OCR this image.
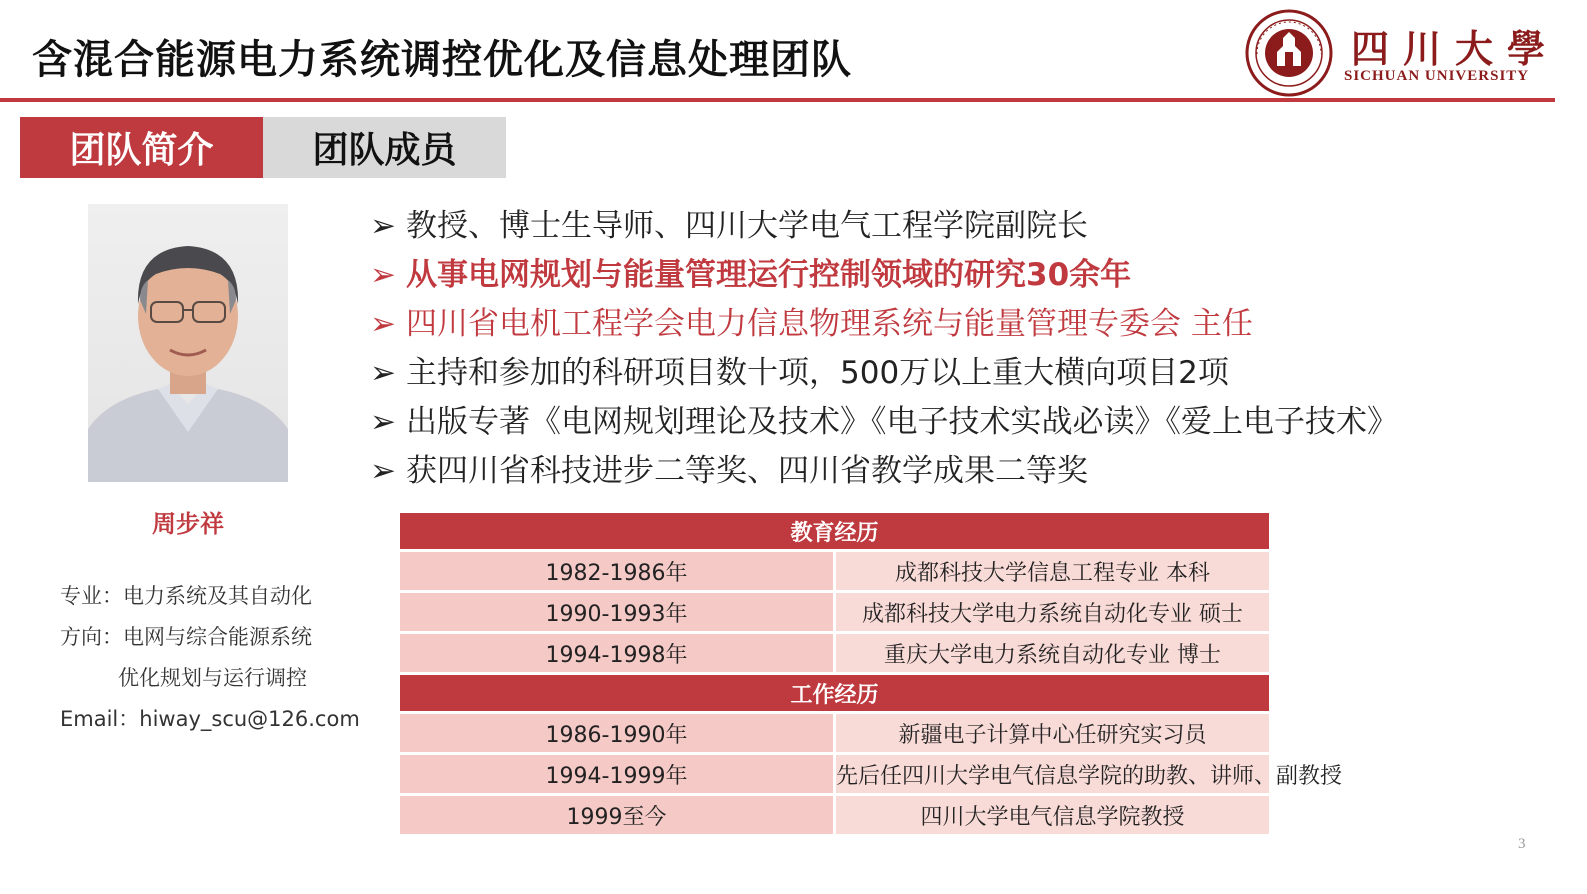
含混合能源电力系统调控优化及信息处理团队	四川大學
SICHUAN UNIVERSITY
团队简介	团队成员
周步祥
专业：电力系统及其自动化
方向：电网与综合能源系统
优化规划与运行调控
Email：hiway_scu@126.com
➢ 教授、博士生导师、四川大学电气工程学院副院长
➢ 从事电网规划与能量管理运行控制领域的研究30余年
➢ 四川省电机工程学会电力信息物理系统与能量管理专委会 主任
➢ 主持和参加的科研项目数十项，500万以上重大横向项目2项
➢ 出版专著《电网规划理论及技术》《电子技术实战必读》《爱上电子技术》
➢ 获四川省科技进步二等奖、四川省教学成果二等奖
教育经历	
1982-1986年	成都科技大学信息工程专业 本科
1990-1993年	成都科技大学电力系统自动化专业 硕士
1994-1998年	重庆大学电力系统自动化专业 博士
工作经历	
1986-1990年	新疆电子计算中心任研究实习员
1994-1999年	先后任四川大学电气信息学院的助教、讲师、副教授
1999至今	四川大学电气信息学院教授
3
